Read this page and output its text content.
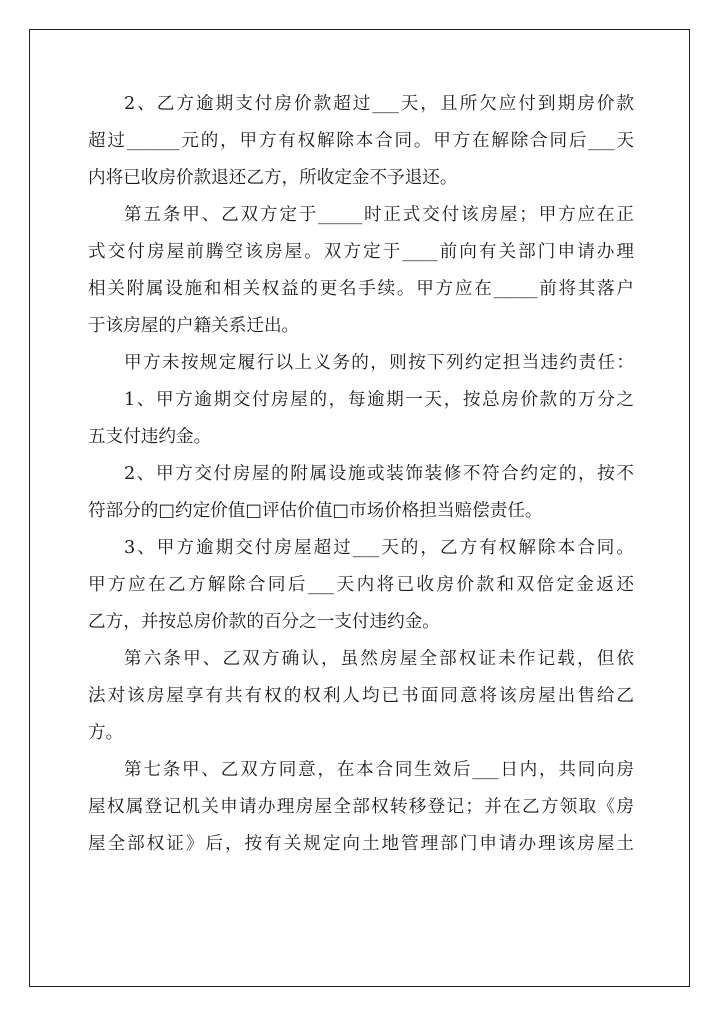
2、乙方逾期支付房价款超过___天，且所欠应付到期房价款
超过______元的，甲方有权解除本合同。甲方在解除合同后___天
内将已收房价款退还乙方，所收定金不予退还。
第五条甲、乙双方定于_____时正式交付该房屋；甲方应在正
式交付房屋前腾空该房屋。双方定于____前向有关部门申请办理
相关附属设施和相关权益的更名手续。甲方应在_____前将其落户
于该房屋的户籍关系迁出。
甲方未按规定履行以上义务的，则按下列约定担当违约责任：
1、甲方逾期交付房屋的，每逾期一天，按总房价款的万分之
五支付违约金。
2、甲方交付房屋的附属设施或装饰装修不符合约定的，按不
符部分的□约定价值□评估价值□市场价格担当赔偿责任。
3、甲方逾期交付房屋超过___天的，乙方有权解除本合同。
甲方应在乙方解除合同后___天内将已收房价款和双倍定金返还
乙方，并按总房价款的百分之一支付违约金。
第六条甲、乙双方确认，虽然房屋全部权证未作记载，但依
法对该房屋享有共有权的权利人均已书面同意将该房屋出售给乙
方。
第七条甲、乙双方同意，在本合同生效后___日内，共同向房
屋权属登记机关申请办理房屋全部权转移登记；并在乙方领取《房
屋全部权证》后，按有关规定向土地管理部门申请办理该房屋土
